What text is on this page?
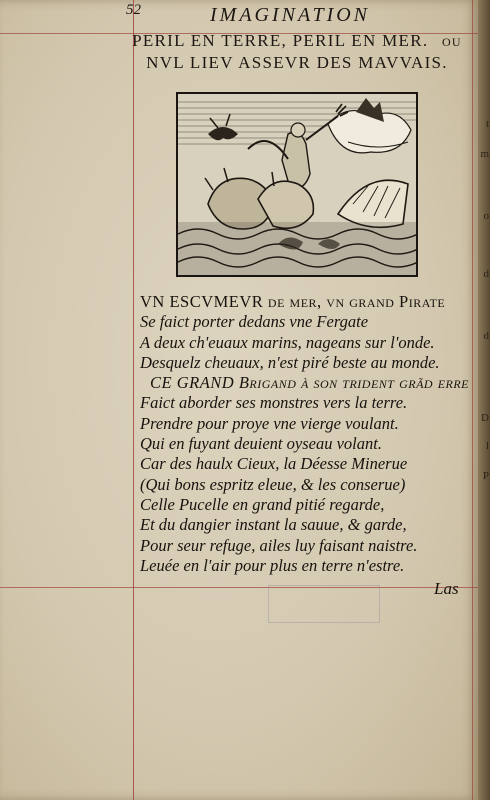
t
m
o
d
d
D
l
P
52	IMAGINATION
PERIL EN TERRE, PERIL EN MER. OU
NVL LIEV ASSEVR DES MAVVAIS.
VN ESCVMEVR de mer, vn grand Pirate
Se faict porter dedans vne Fergate
A deux ch'euaux marins, nageans sur l'onde.
Desquelz cheuaux, n'est piré beste au monde.
CE GRAND Brigand à son trident grãd erre
Faict aborder ses monstres vers la terre.
Prendre pour proye vne vierge voulant.
Qui en fuyant deuient oyseau volant.
Car des haulx Cieux, la Déesse Minerue
(Qui bons espritz eleue, & les conserue)
Celle Pucelle en grand pitié regarde,
Et du dangier instant la sauue, & garde,
Pour seur refuge, ailes luy faisant naistre.
Leuée en l'air pour plus en terre n'estre.
Las
